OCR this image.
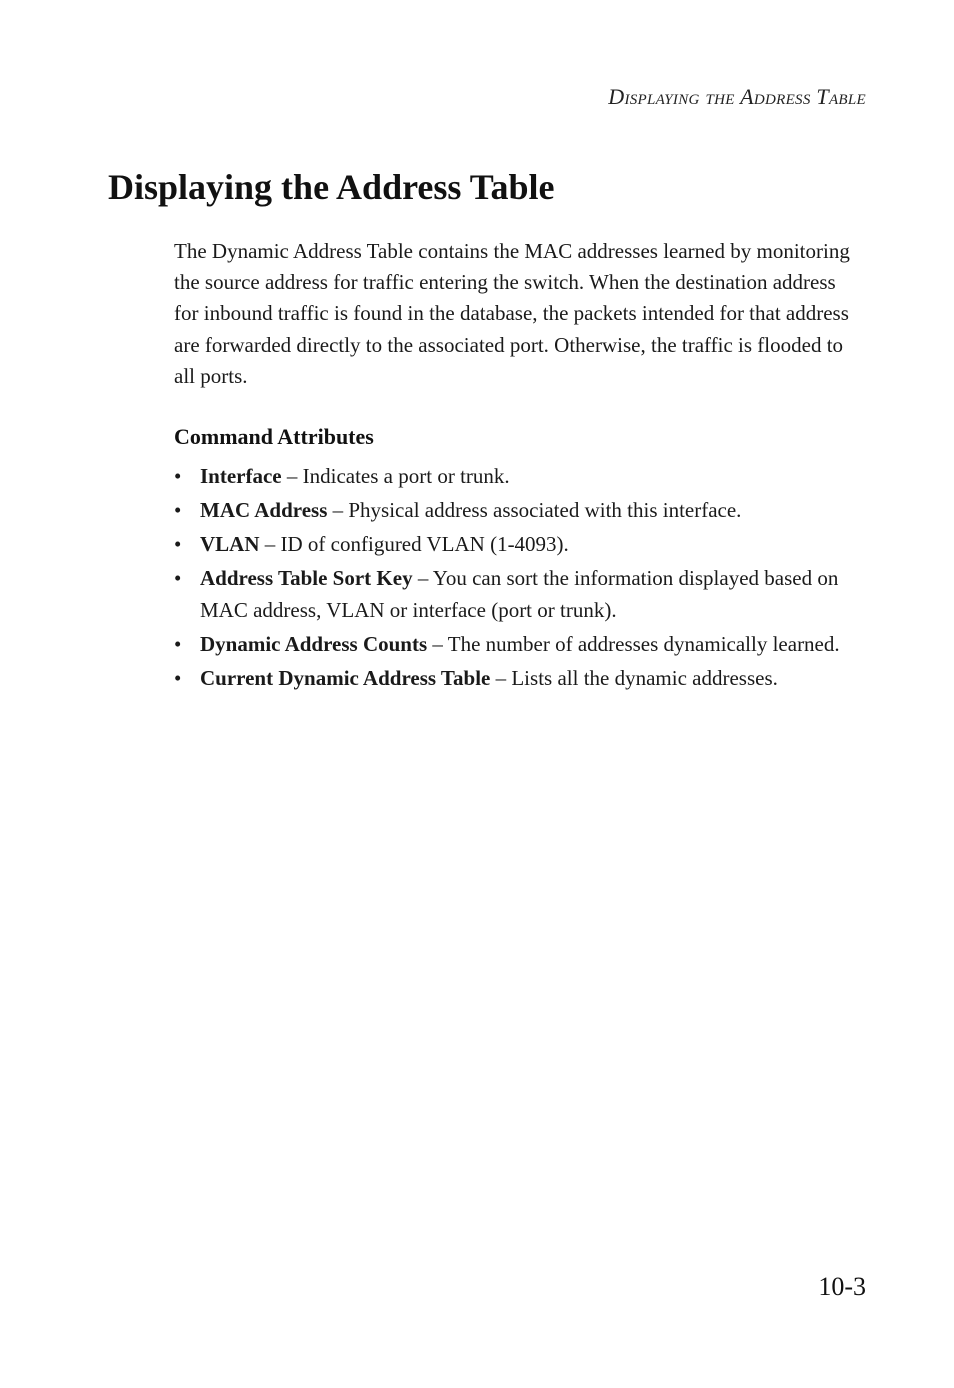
Displaying the Address Table
Displaying the Address Table

The Dynamic Address Table contains the MAC addresses learned by monitoring the source address for traffic entering the switch. When the destination address for inbound traffic is found in the database, the packets intended for that address are forwarded directly to the associated port. Otherwise, the traffic is flooded to all ports.

Command Attributes
• Interface – Indicates a port or trunk.
• MAC Address – Physical address associated with this interface.
• VLAN – ID of configured VLAN (1-4093).
• Address Table Sort Key – You can sort the information displayed based on MAC address, VLAN or interface (port or trunk).
• Dynamic Address Counts – The number of addresses dynamically learned.
• Current Dynamic Address Table – Lists all the dynamic addresses.
10-3
